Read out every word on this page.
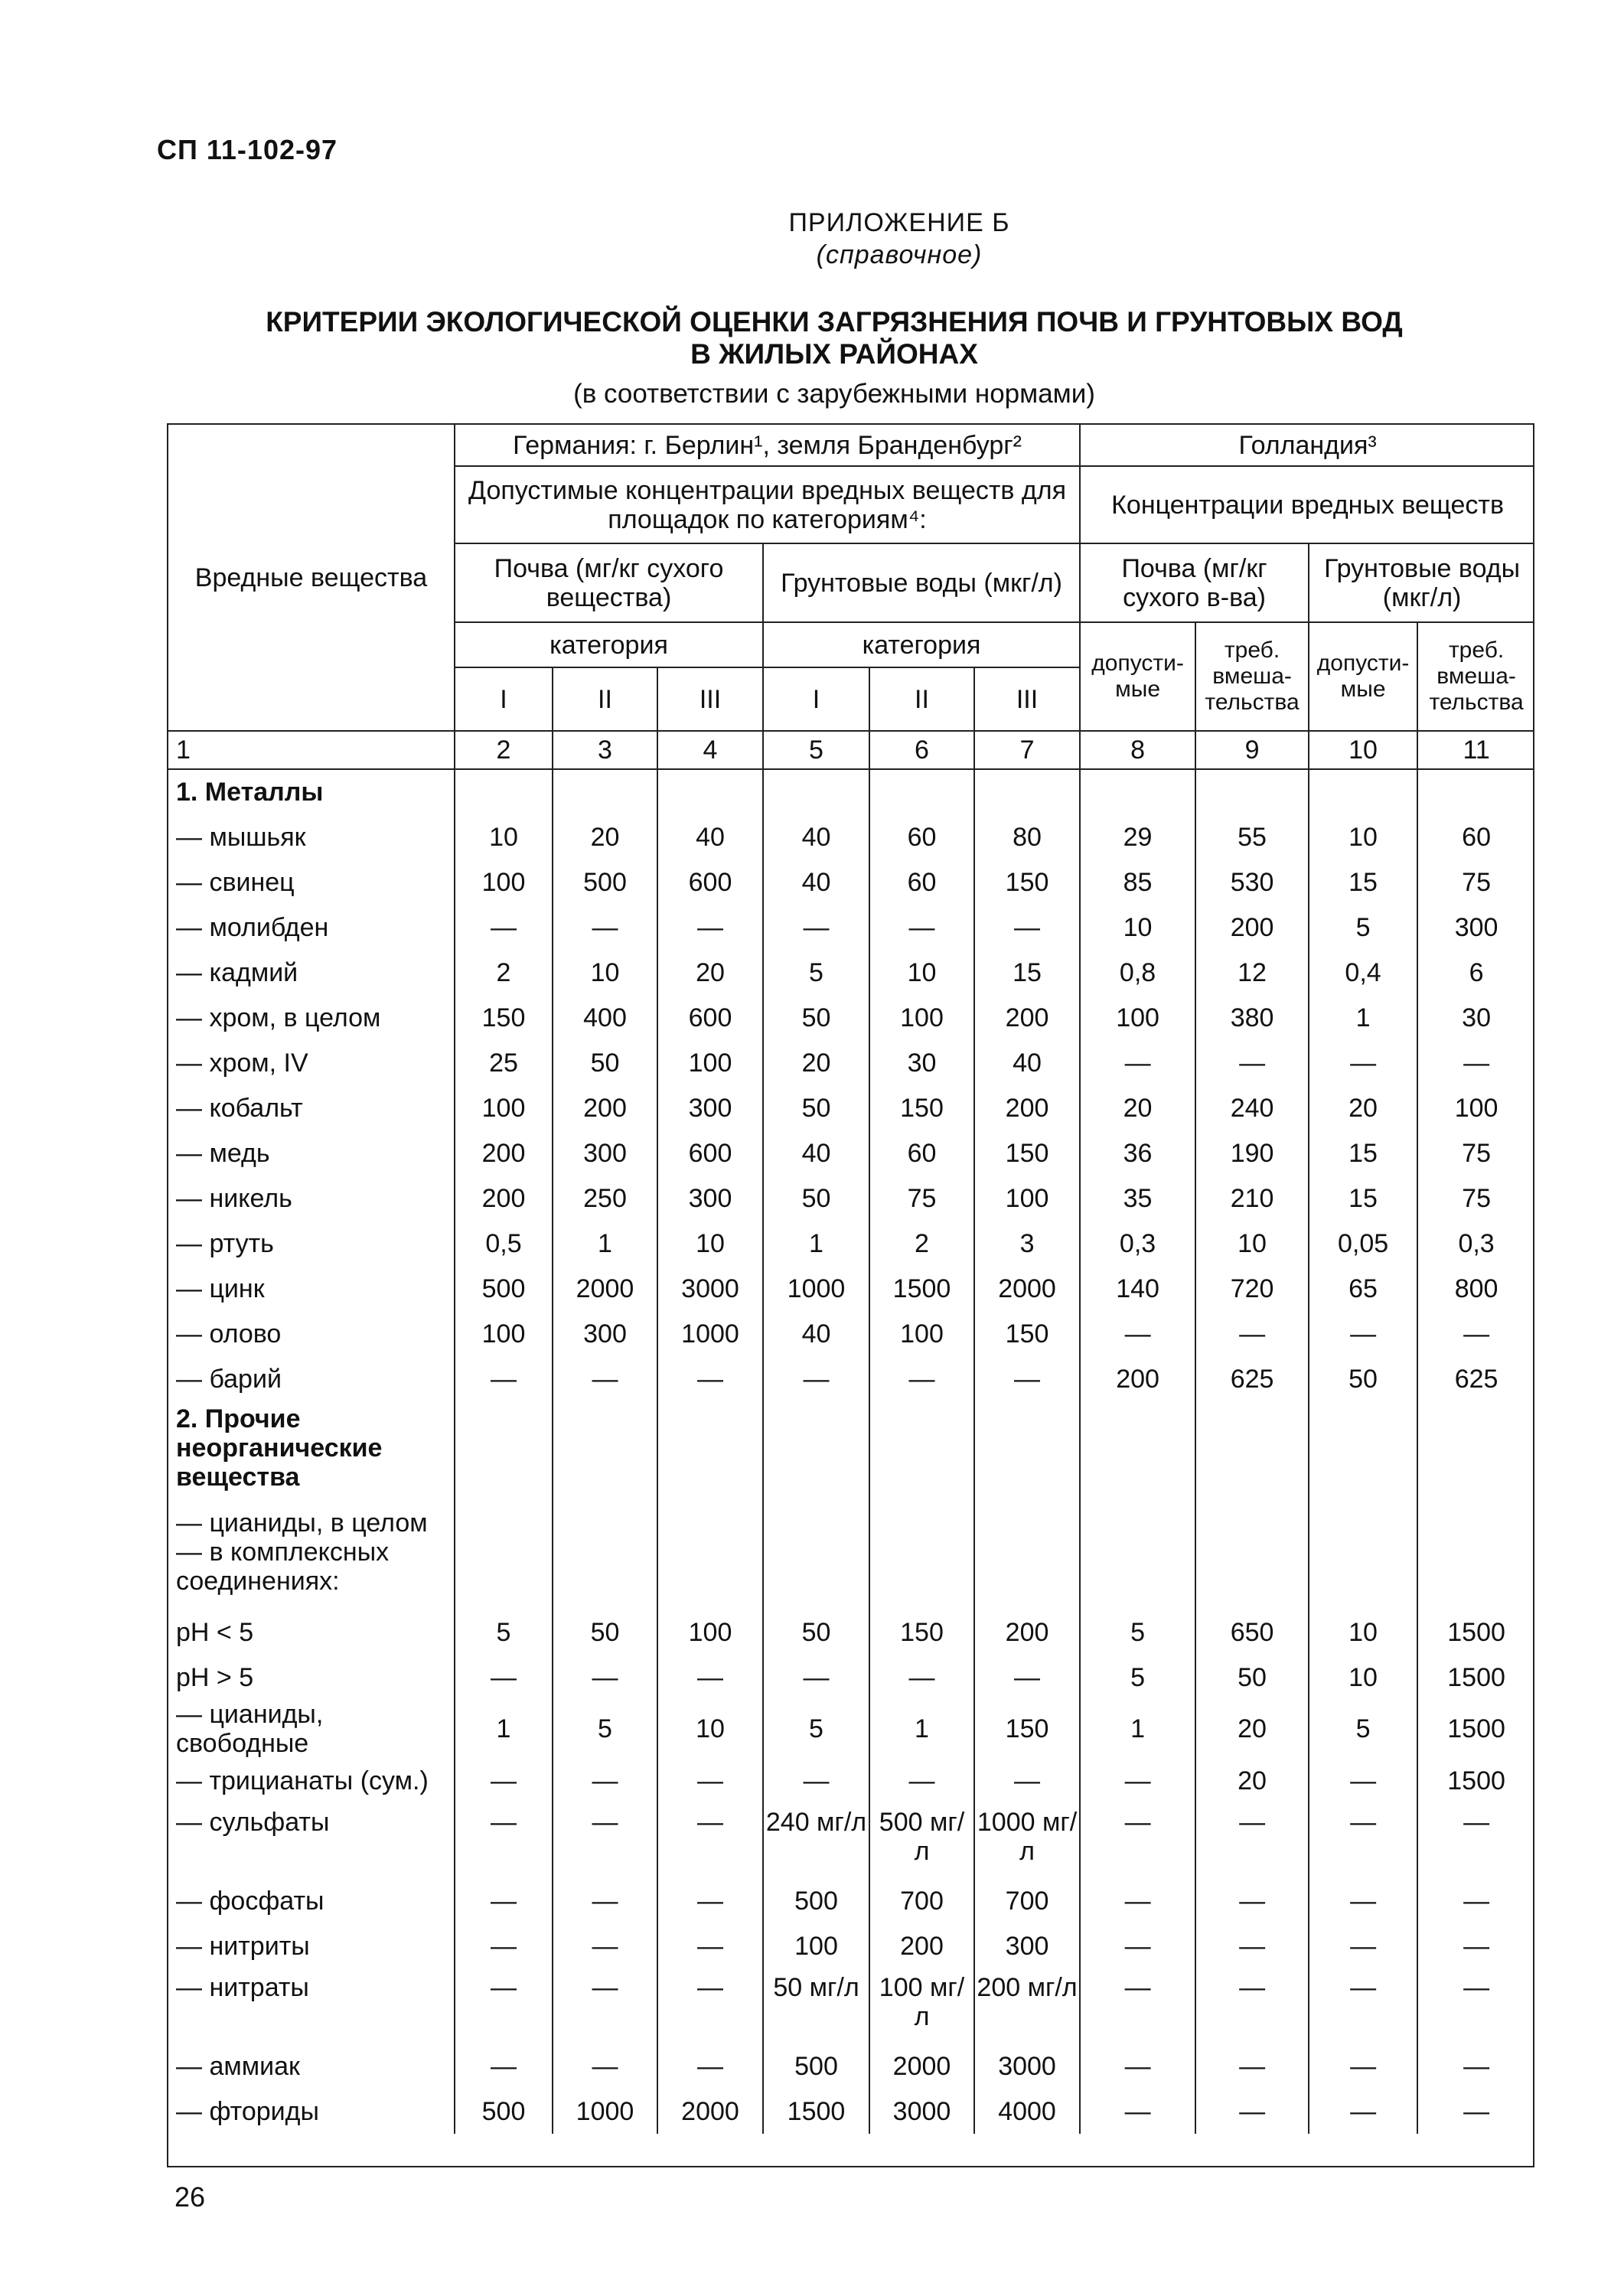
СП 11-102-97
ПРИЛОЖЕНИЕ Б
(справочное)
КРИТЕРИИ ЭКОЛОГИЧЕСКОЙ ОЦЕНКИ ЗАГРЯЗНЕНИЯ ПОЧВ И ГРУНТОВЫХ ВОД
В ЖИЛЫХ РАЙОНАХ
(в соответствии с зарубежными нормами)
Вредные вещества	Германия: г. Берлин¹, земля Бранденбург²						Голландия³			
	Допустимые концентрации вредных веществ для площадок по категориям⁴:						Концентрации вредных веществ			
	Почва (мг/кг сухого вещества)			Грунтовые воды (мкг/л)			Почва (мг/кг сухого в-ва)		Грунтовые воды (мкг/л)	
	категория			категория			допусти-мые	треб. вмеша-тельства	допусти-мые	треб. вмеша-тельства
	I	II	III	I	II	III				
1	2	3	4	5	6	7	8	9	10	11
1. Металлы										
— мышьяк	10	20	40	40	60	80	29	55	10	60
— свинец	100	500	600	40	60	150	85	530	15	75
— молибден	—	—	—	—	—	—	10	200	5	300
— кадмий	2	10	20	5	10	15	0,8	12	0,4	6
— хром, в целом	150	400	600	50	100	200	100	380	1	30
— хром, IV	25	50	100	20	30	40	—	—	—	—
— кобальт	100	200	300	50	150	200	20	240	20	100
— медь	200	300	600	40	60	150	36	190	15	75
— никель	200	250	300	50	75	100	35	210	15	75
— ртуть	0,5	1	10	1	2	3	0,3	10	0,05	0,3
— цинк	500	2000	3000	1000	1500	2000	140	720	65	800
— олово	100	300	1000	40	100	150	—	—	—	—
— барий	—	—	—	—	—	—	200	625	50	625
2. Прочие неорганические вещества										
— цианиды, в целом — в комплексных соединениях:										
рН < 5	5	50	100	50	150	200	5	650	10	1500
рН > 5	—	—	—	—	—	—	5	50	10	1500
— цианиды, свободные	1	5	10	5	1	150	1	20	5	1500
— трицианаты (сум.)	—	—	—	—	—	—	—	20	—	1500
— сульфаты	—	—	—	240 мг/л	500 мг/л	1000 мг/л	—	—	—	—
— фосфаты	—	—	—	500	700	700	—	—	—	—
— нитриты	—	—	—	100	200	300	—	—	—	—
— нитраты	—	—	—	50 мг/л	100 мг/л	200 мг/л	—	—	—	—
— аммиак	—	—	—	500	2000	3000	—	—	—	—
— фториды	500	1000	2000	1500	3000	4000	—	—	—	—
26
